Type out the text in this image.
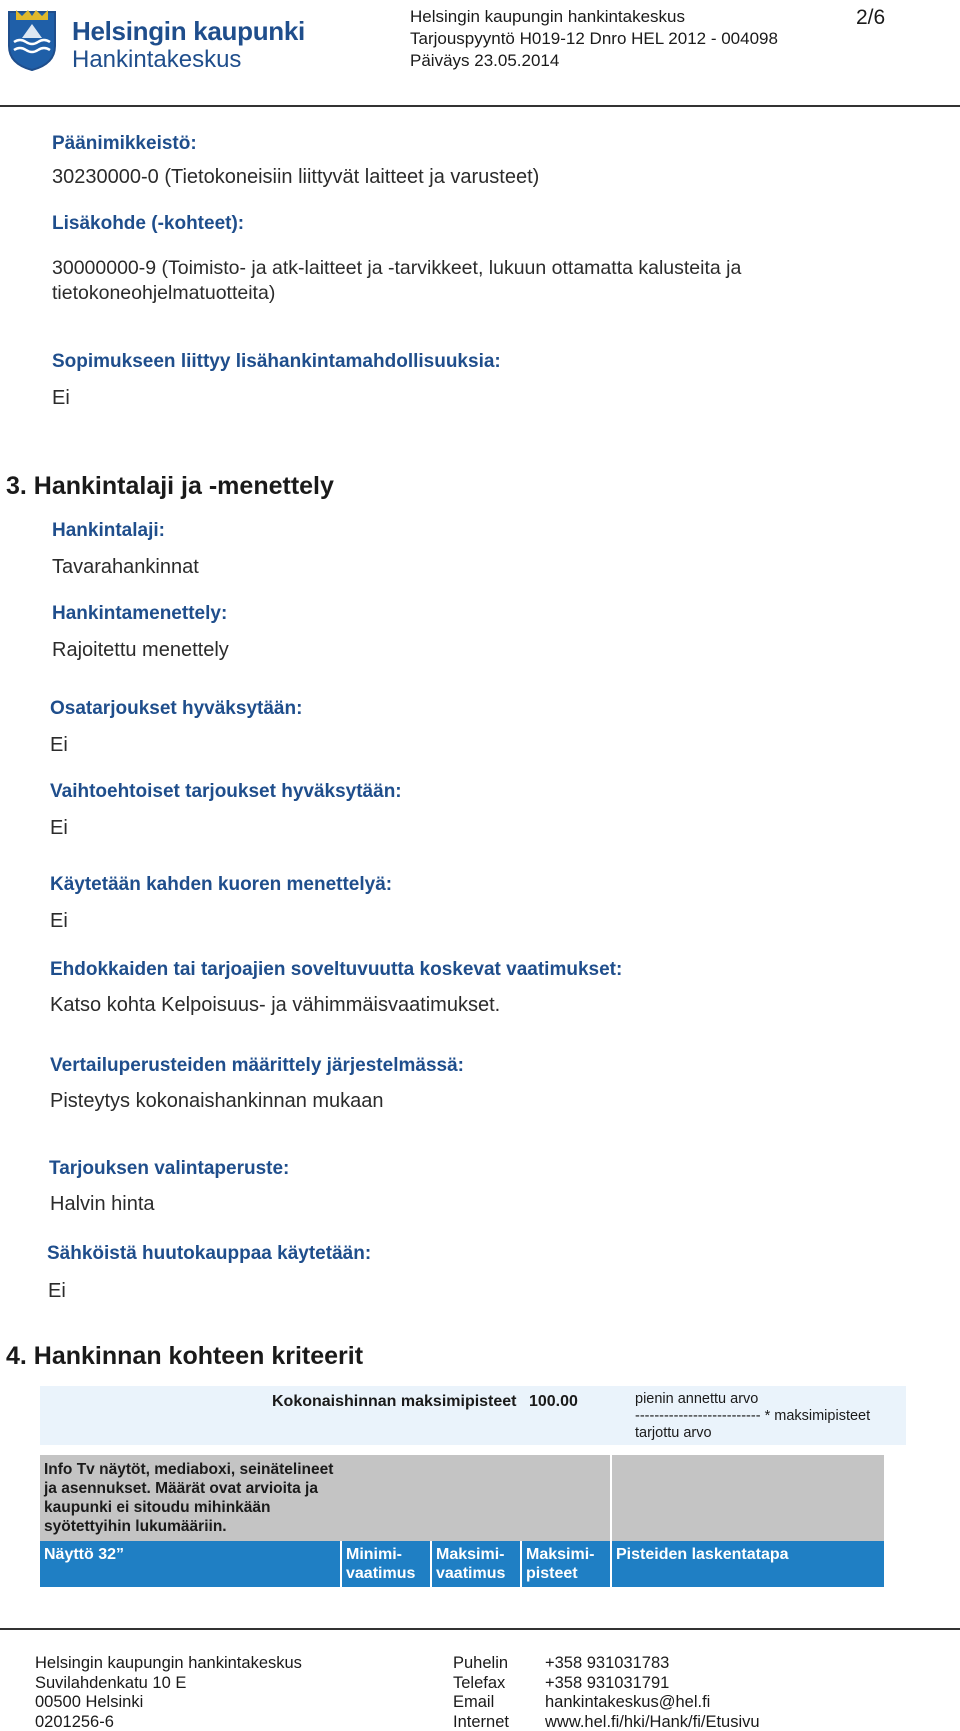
Helsingin kaupunki
Hankintakeskus
Helsingin kaupungin hankintakeskus
Tarjouspyyntö H019-12 Dnro HEL 2012 - 004098
Päiväys 23.05.2014
2/6
Päänimikkeistö:
30230000-0 (Tietokoneisiin liittyvät laitteet ja varusteet)
Lisäkohde (-kohteet):
30000000-9 (Toimisto- ja atk-laitteet ja -tarvikkeet, lukuun ottamatta kalusteita ja tietokoneohjelmatuotteita)
Sopimukseen liittyy lisähankintamahdollisuuksia:
Ei
3. Hankintalaji ja -menettely
Hankintalaji:
Tavarahankinnat
Hankintamenettely:
Rajoitettu menettely
Osatarjoukset hyväksytään:
Ei
Vaihtoehtoiset tarjoukset hyväksytään:
Ei
Käytetään kahden kuoren menettelyä:
Ei
Ehdokkaiden tai tarjoajien soveltuvuutta koskevat vaatimukset:
Katso kohta Kelpoisuus- ja vähimmäisvaatimukset.
Vertailuperusteiden määrittely järjestelmässä:
Pisteytys kokonaishankinnan mukaan
Tarjouksen valintaperuste:
Halvin hinta
Sähköistä huutokauppaa käytetään:
Ei
4. Hankinnan kohteen kriteerit
Kokonaishinnan maksimipisteet 100.00	pienin annettu arvo
-------------------------- * maksimipisteet
tarjottu arvo
Info Tv näytöt, mediaboxi, seinätelineet ja asennukset. Määrät ovat arvioita ja kaupunki ei sitoudu mihinkään syötettyihin lukumääriin.
Näyttö 32”	Minimi-vaatimus
Maksimi-vaatimus
Maksimi-pisteet
Pisteiden laskentatapa
Helsingin kaupungin hankintakeskus
Suvilahdenkatu 10 E
00500 Helsinki
0201256-6
Puhelin
Telefax
Email
Internet
+358 931031783
+358 931031791
hankintakeskus@hel.fi
www.hel.fi/hki/Hank/fi/Etusivu
